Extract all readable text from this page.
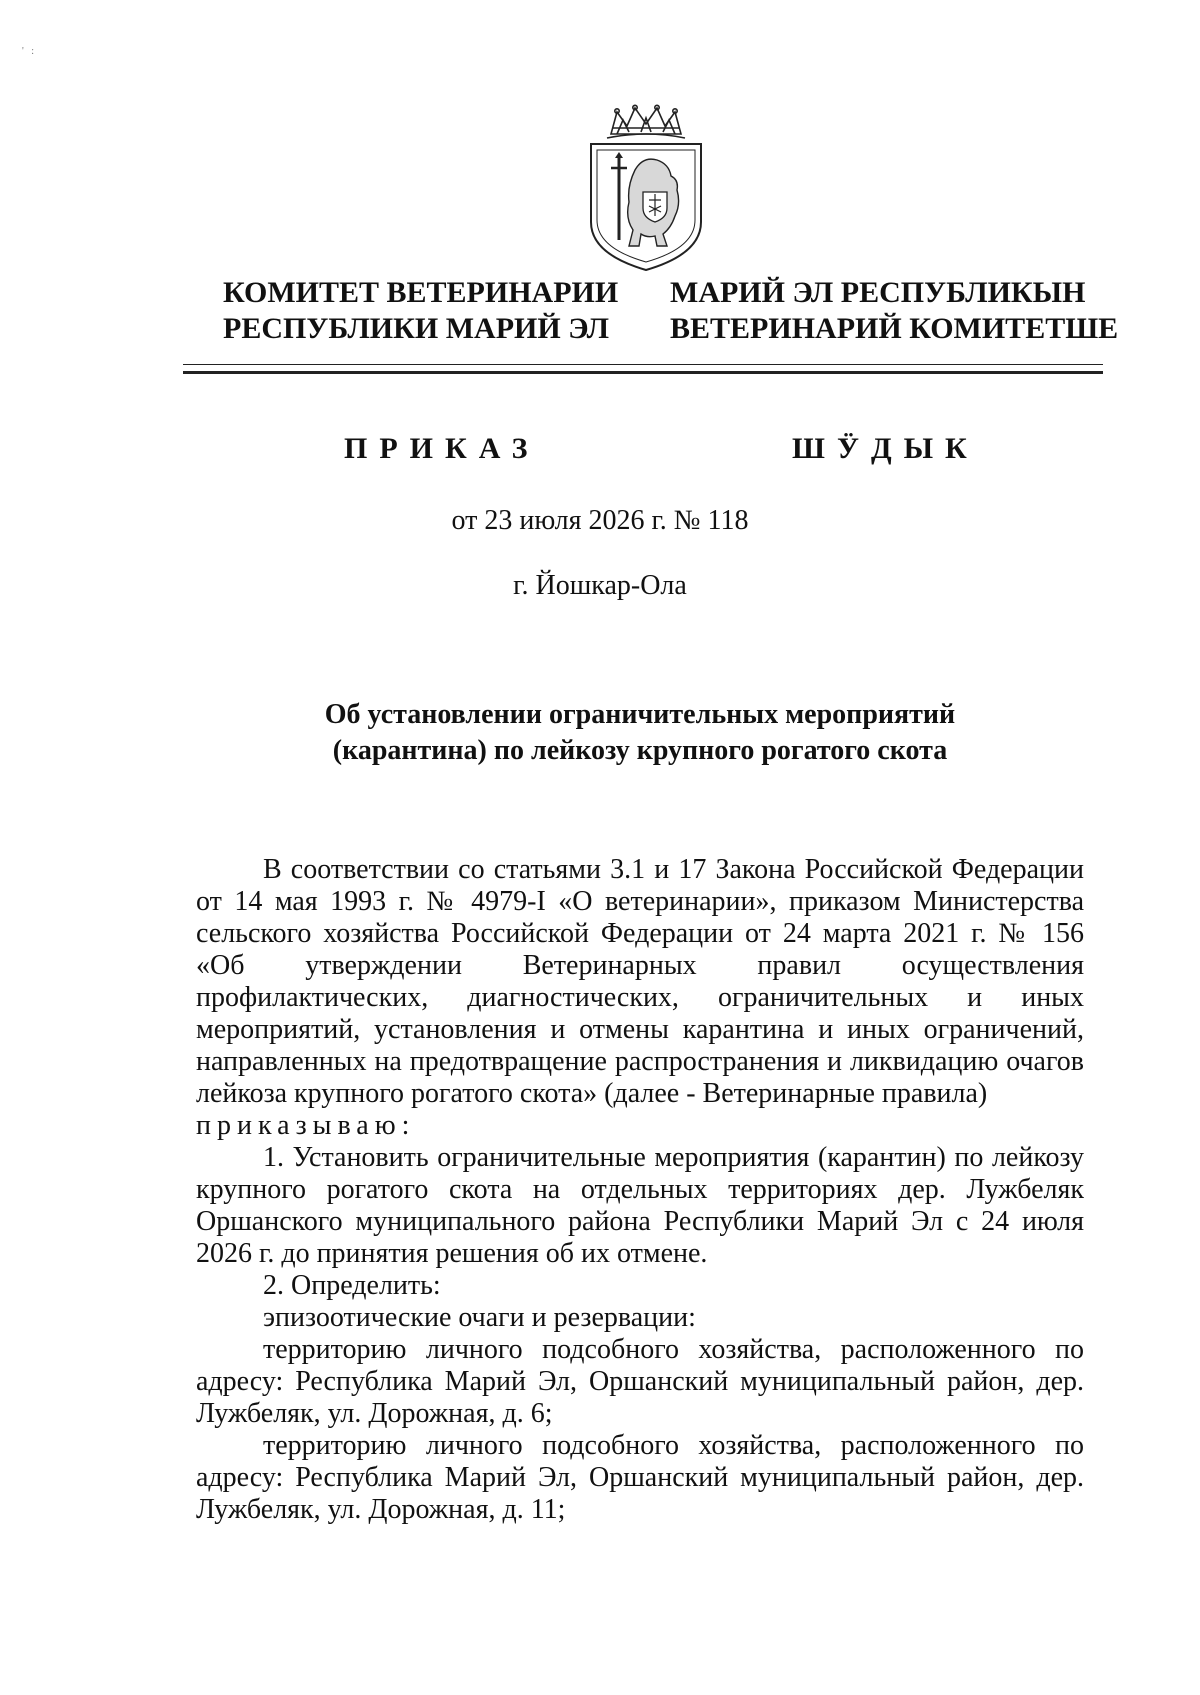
'   :
КОМИТЕТ ВЕТЕРИНАРИИ
РЕСПУБЛИКИ МАРИЙ ЭЛ
МАРИЙ ЭЛ РЕСПУБЛИКЫН
ВЕТЕРИНАРИЙ КОМИТЕТШЕ
ПРИКАЗ	ШӰДЫК
от 23 июля 2026 г. № 118
г. Йошкар-Ола
Об установлении ограничительных мероприятий
(карантина) по лейкозу крупного рогатого скота

В соответствии со статьями 3.1 и 17 Закона Российской Федерации от 14 мая 1993 г. № 4979-I «О ветеринарии», приказом Министерства сельского хозяйства Российской Федерации от 24 марта 2021 г. № 156 «Об утверждении Ветеринарных правил осуществления профилактических, диагностических, ограничительных и иных мероприятий, установления и отмены карантина и иных ограничений, направленных на предотвращение распространения и ликвидацию очагов лейкоза крупного рогатого скота» (далее - Ветеринарные правила)

приказываю:

1. Установить ограничительные мероприятия (карантин) по лейкозу крупного рогатого скота на отдельных территориях дер. Лужбеляк Оршанского муниципального района Республики Марий Эл с 24 июля 2026 г. до принятия решения об их отмене.

2. Определить:

эпизоотические очаги и резервации:

территорию личного подсобного хозяйства, расположенного по адресу: Республика Марий Эл, Оршанский муниципальный район, дер. Лужбеляк, ул. Дорожная, д. 6;

территорию личного подсобного хозяйства, расположенного по адресу: Республика Марий Эл, Оршанский муниципальный район, дер. Лужбеляк, ул. Дорожная, д. 11;
